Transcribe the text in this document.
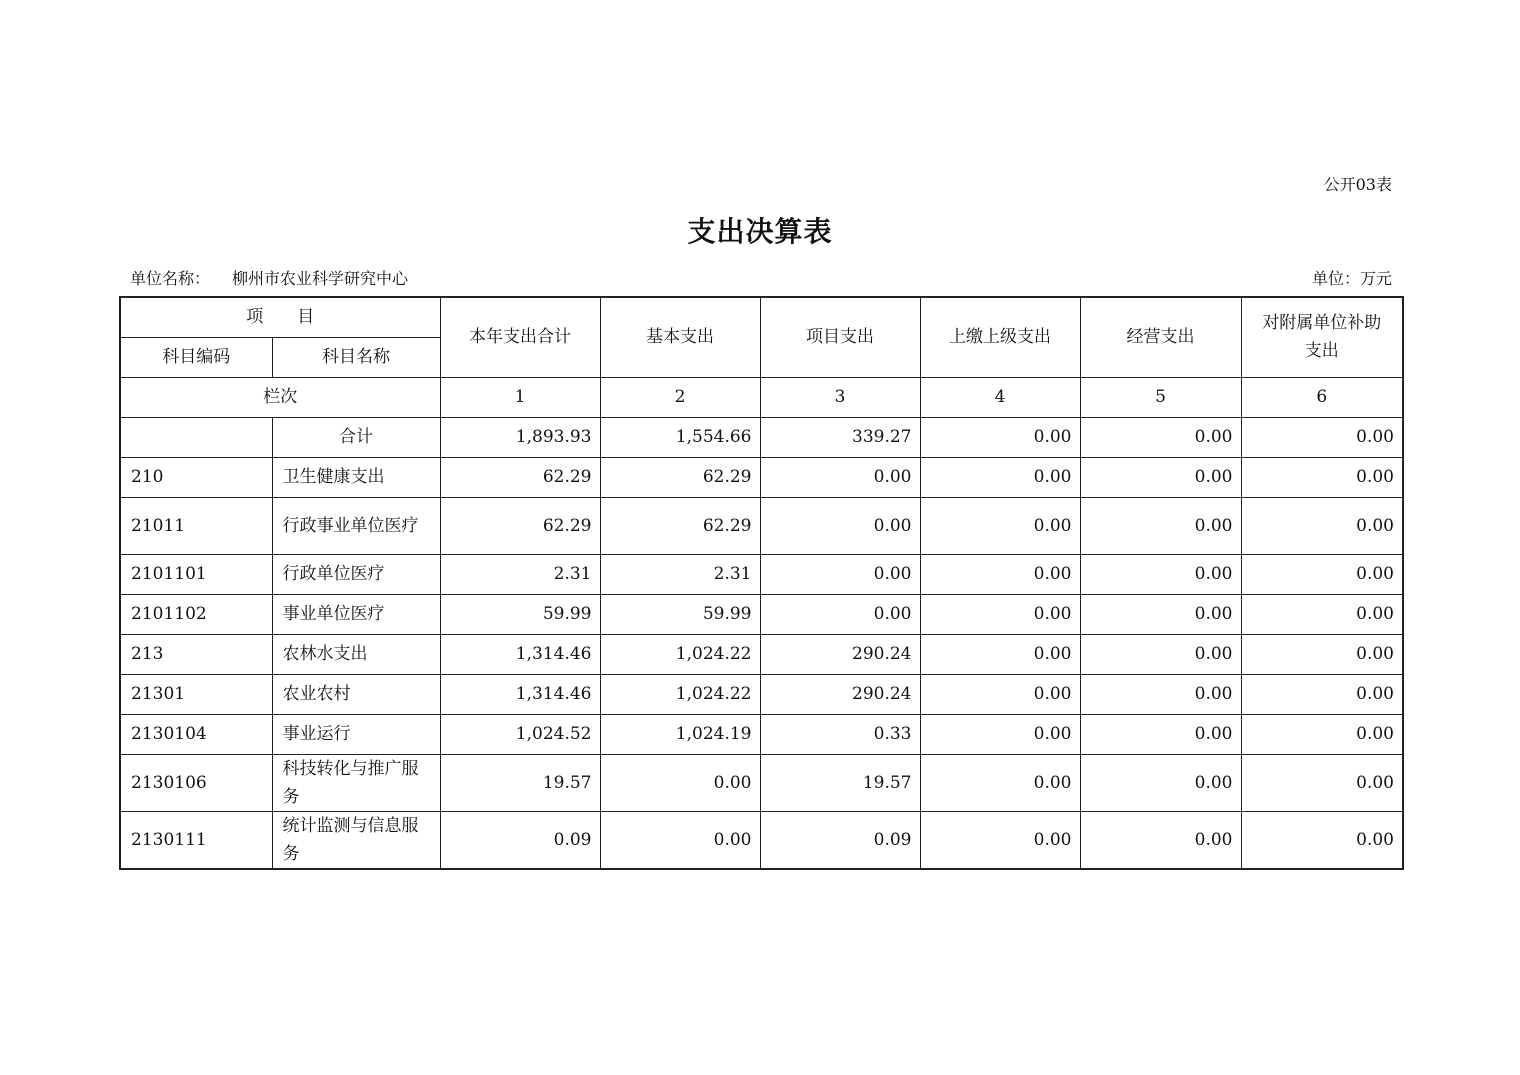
公开03表
支出决算表
单位名称： 柳州市农业科学研究中心	单位：万元
项　　目		本年支出合计	基本支出	项目支出	上缴上级支出	经营支出	对附属单位补助支出
科目编码	科目名称						
栏次		1	2	3	4	5	6
	合计	1,893.93	1,554.66	339.27	0.00	0.00	0.00
210	卫生健康支出	62.29	62.29	0.00	0.00	0.00	0.00
21011	行政事业单位医疗	62.29	62.29	0.00	0.00	0.00	0.00
2101101	行政单位医疗	2.31	2.31	0.00	0.00	0.00	0.00
2101102	事业单位医疗	59.99	59.99	0.00	0.00	0.00	0.00
213	农林水支出	1,314.46	1,024.22	290.24	0.00	0.00	0.00
21301	农业农村	1,314.46	1,024.22	290.24	0.00	0.00	0.00
2130104	事业运行	1,024.52	1,024.19	0.33	0.00	0.00	0.00
2130106	科技转化与推广服务	19.57	0.00	19.57	0.00	0.00	0.00
2130111	统计监测与信息服务	0.09	0.00	0.09	0.00	0.00	0.00
